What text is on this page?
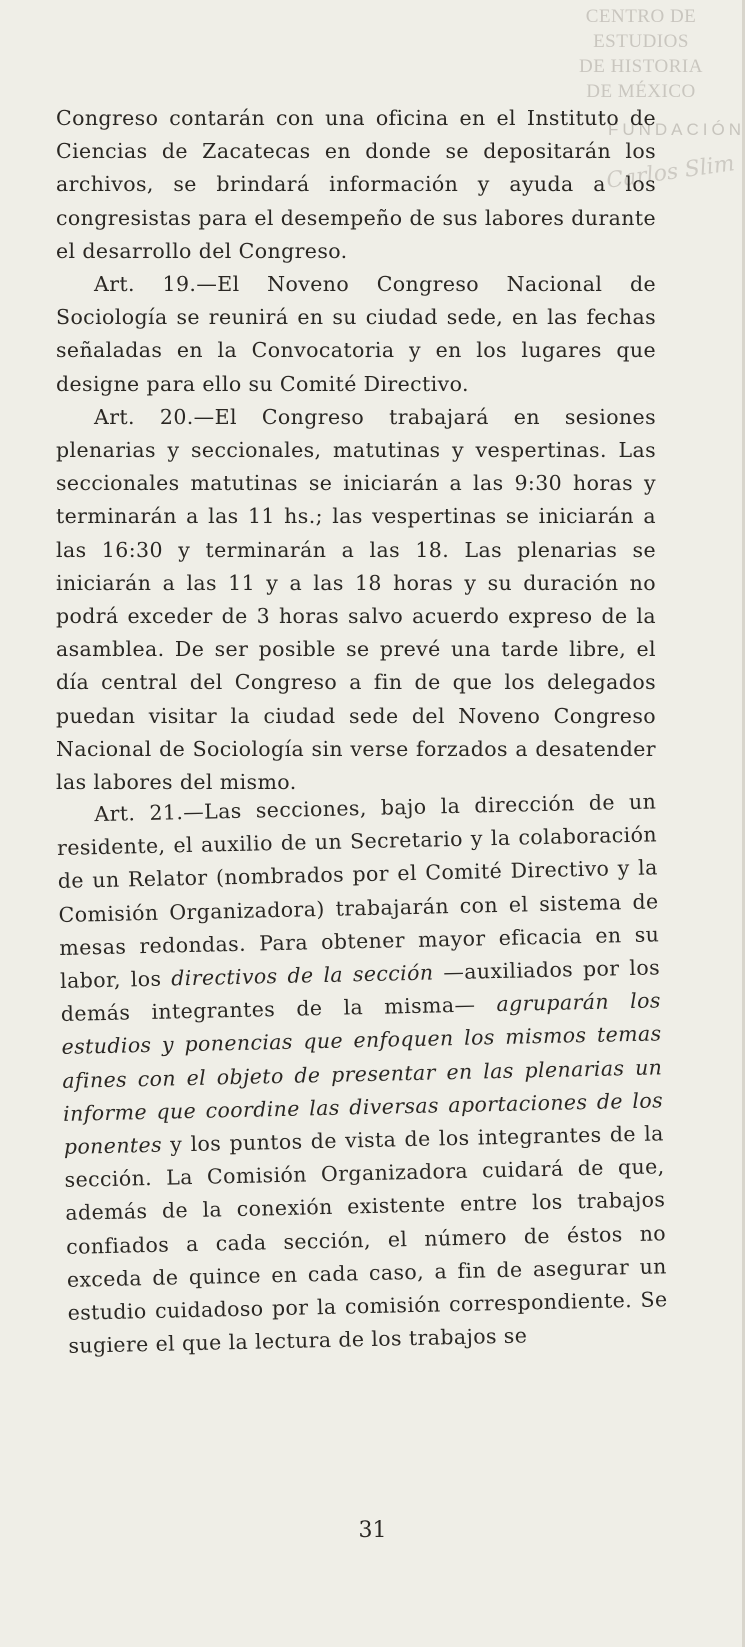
CENTRO DE
ESTUDIOS
DE HISTORIA
DE MÉXICO
FUNDACIÓN
Carlos Slim

Congreso contarán con una oficina en el Instituto de Ciencias de Zacatecas en donde se depositarán los archivos, se brindará información y ayuda a los congresistas para el desempeño de sus labores durante el desarrollo del Congreso.

Art. 19.—El Noveno Congreso Nacional de Sociología se reunirá en su ciudad sede, en las fechas señaladas en la Convocatoria y en los lugares que designe para ello su Comité Directivo.

Art. 20.—El Congreso trabajará en sesiones plenarias y seccionales, matutinas y vespertinas. Las seccionales matutinas se iniciarán a las 9:30 horas y terminarán a las 11 hs.; las vespertinas se iniciarán a las 16:30 y terminarán a las 18. Las plenarias se iniciarán a las 11 y a las 18 horas y su duración no podrá exceder de 3 horas salvo acuerdo expreso de la asamblea. De ser posible se prevé una tarde libre, el día central del Congreso a fin de que los delegados puedan visitar la ciudad sede del Noveno Congreso Nacional de Sociología sin verse forzados a desatender las labores del mismo.

Art. 21.—Las secciones, bajo la dirección de un residente, el auxilio de un Secretario y la colaboración de un Relator (nombrados por el Comité Directivo y la Comisión Organizadora) trabajarán con el sistema de mesas redondas. Para obtener mayor eficacia en su labor, los directivos de la sección —auxiliados por los demás integrantes de la misma— agruparán los estudios y ponencias que enfoquen los mismos temas afines con el objeto de presentar en las plenarias un informe que coordine las diversas aportaciones de los ponentes y los puntos de vista de los integrantes de la sección. La Comisión Organizadora cuidará de que, además de la conexión existente entre los trabajos confiados a cada sección, el número de éstos no exceda de quince en cada caso, a fin de asegurar un estudio cuidadoso por la comisión correspondiente. Se sugiere el que la lectura de los trabajos se

31
